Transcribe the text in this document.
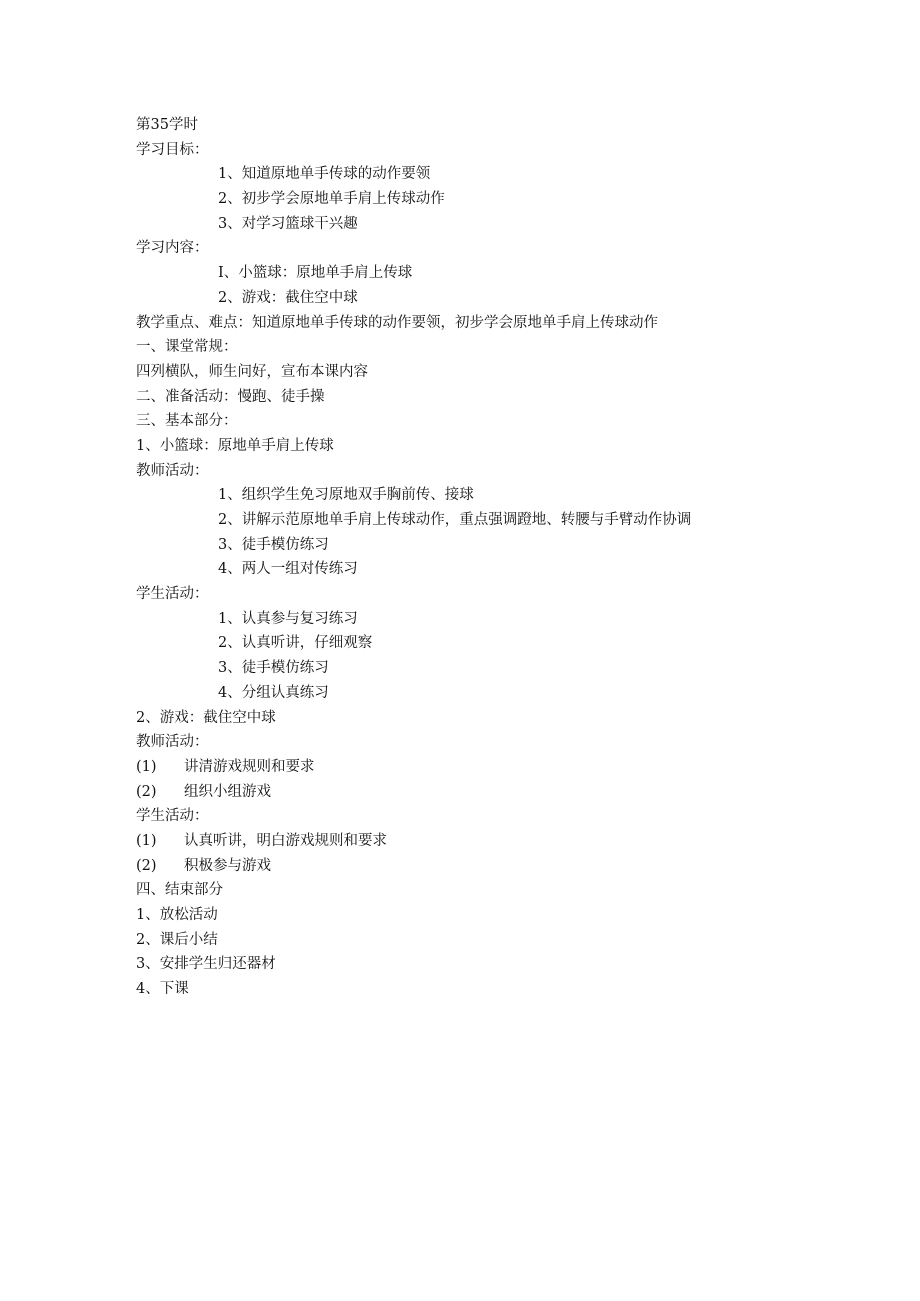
第35学时
学习目标：
1、知道原地单手传球的动作要领
2、初步学会原地单手肩上传球动作
3、对学习篮球干兴趣
学习内容：
I、小篮球：原地单手肩上传球
2、游戏：截住空中球
教学重点、难点：知道原地单手传球的动作要领，初步学会原地单手肩上传球动作
一、课堂常规：
四列横队，师生问好，宣布本课内容
二、准备活动：慢跑、徒手操
三、基本部分：
1、小篮球：原地单手肩上传球
教师活动：
1、组织学生免习原地双手胸前传、接球
2、讲解示范原地单手肩上传球动作，重点强调蹬地、转腰与手臂动作协调
3、徒手模仿练习
4、两人一组对传练习
学生活动：
1、认真参与复习练习
2、认真听讲，仔细观察
3、徒手模仿练习
4、分组认真练习
2、游戏：截住空中球
教师活动：
(1)	讲清游戏规则和要求
(2)	组织小组游戏
学生活动：
(1)	认真听讲，明白游戏规则和要求
(2)	积极参与游戏
四、结束部分
1、放松活动
2、课后小结
3、安排学生归还器材
4、下课
